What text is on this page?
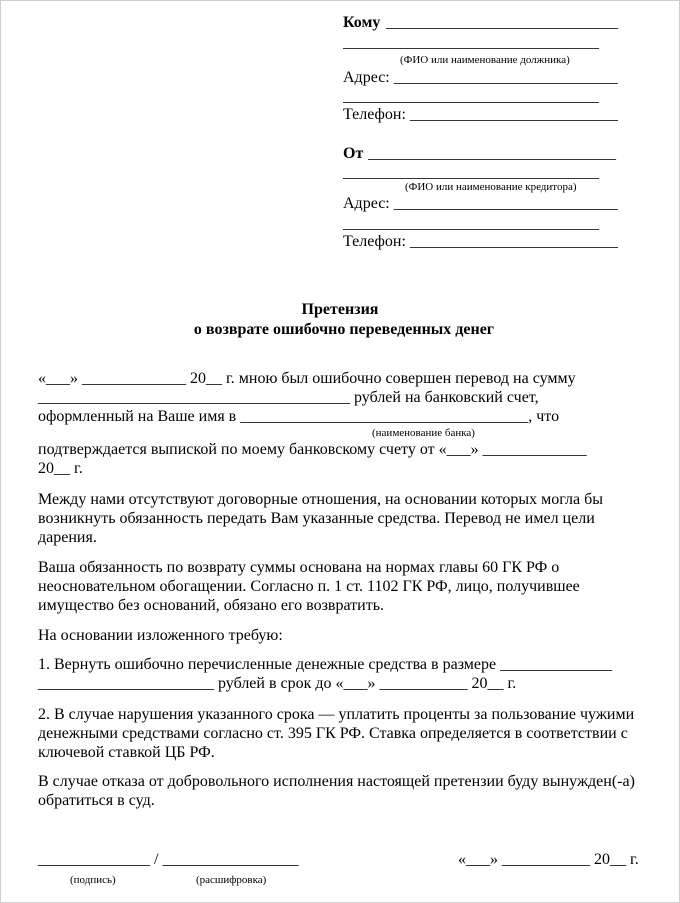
Кому _____________________________
________________________________
(ФИО или наименование должника)
Адрес: ____________________________
________________________________
Телефон: __________________________
От _______________________________
________________________________
(ФИО или наименование кредитора)
Адрес: ____________________________
________________________________
Телефон: __________________________
Претензия
о возврате ошибочно переведенных денег
«___» _____________ 20__ г. мною был ошибочно совершен перевод на сумму
_______________________________________ рублей на банковский счет,
оформленный на Ваше имя в ____________________________________, что
(наименование банка)
подтверждается выпиской по моему банковскому счету от «___» _____________
20__ г.
Между нами отсутствуют договорные отношения, на основании которых могла бы возникнуть обязанность передать Вам указанные средства. Перевод не имел цели дарения.
Ваша обязанность по возврату суммы основана на нормах главы 60 ГК РФ о неосновательном обогащении. Согласно п. 1 ст. 1102 ГК РФ, лицо, получившее имущество без оснований, обязано его возвратить.
На основании изложенного требую:
1. Вернуть ошибочно перечисленные денежные средства в размере ______________
______________________ рублей в срок до «___» ___________ 20__ г.
2. В случае нарушения указанного срока — уплатить проценты за пользование чужими денежными средствами согласно ст. 395 ГК РФ. Ставка определяется в соответствии с ключевой ставкой ЦБ РФ.
В случае отказа от добровольного исполнения настоящей претензии буду вынужден(-а) обратиться в суд.
______________ / _________________
(подпись)	(расшифровка)
«___» ___________ 20__ г.
